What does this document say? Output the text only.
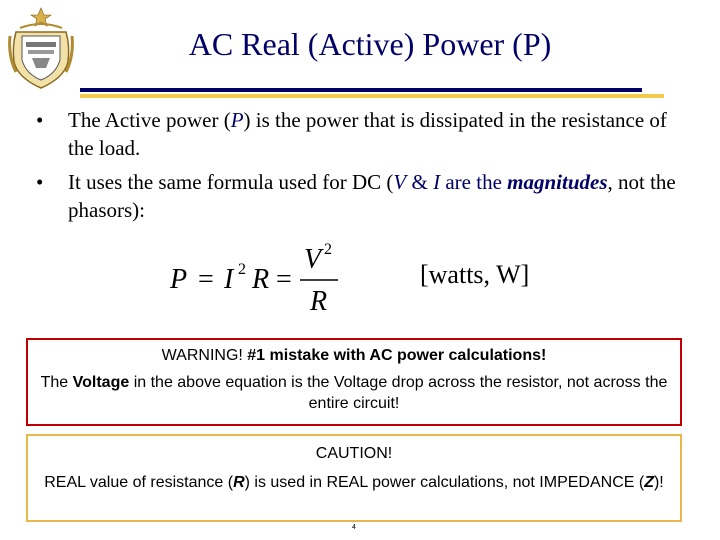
AC Real (Active) Power (P)
• The Active power (P) is the power that is dissipated in the resistance of the load.
• It uses the same formula used for DC (V & I are the magnitudes, not the phasors):
P = I 2 R =
V 2
R
[watts, W]

WARNING! #1 mistake with AC power calculations!

The Voltage in the above equation is the Voltage drop across the resistor, not across the entire circuit!

CAUTION!

REAL value of resistance (R) is used in REAL power calculations, not IMPEDANCE (Z)!

4
